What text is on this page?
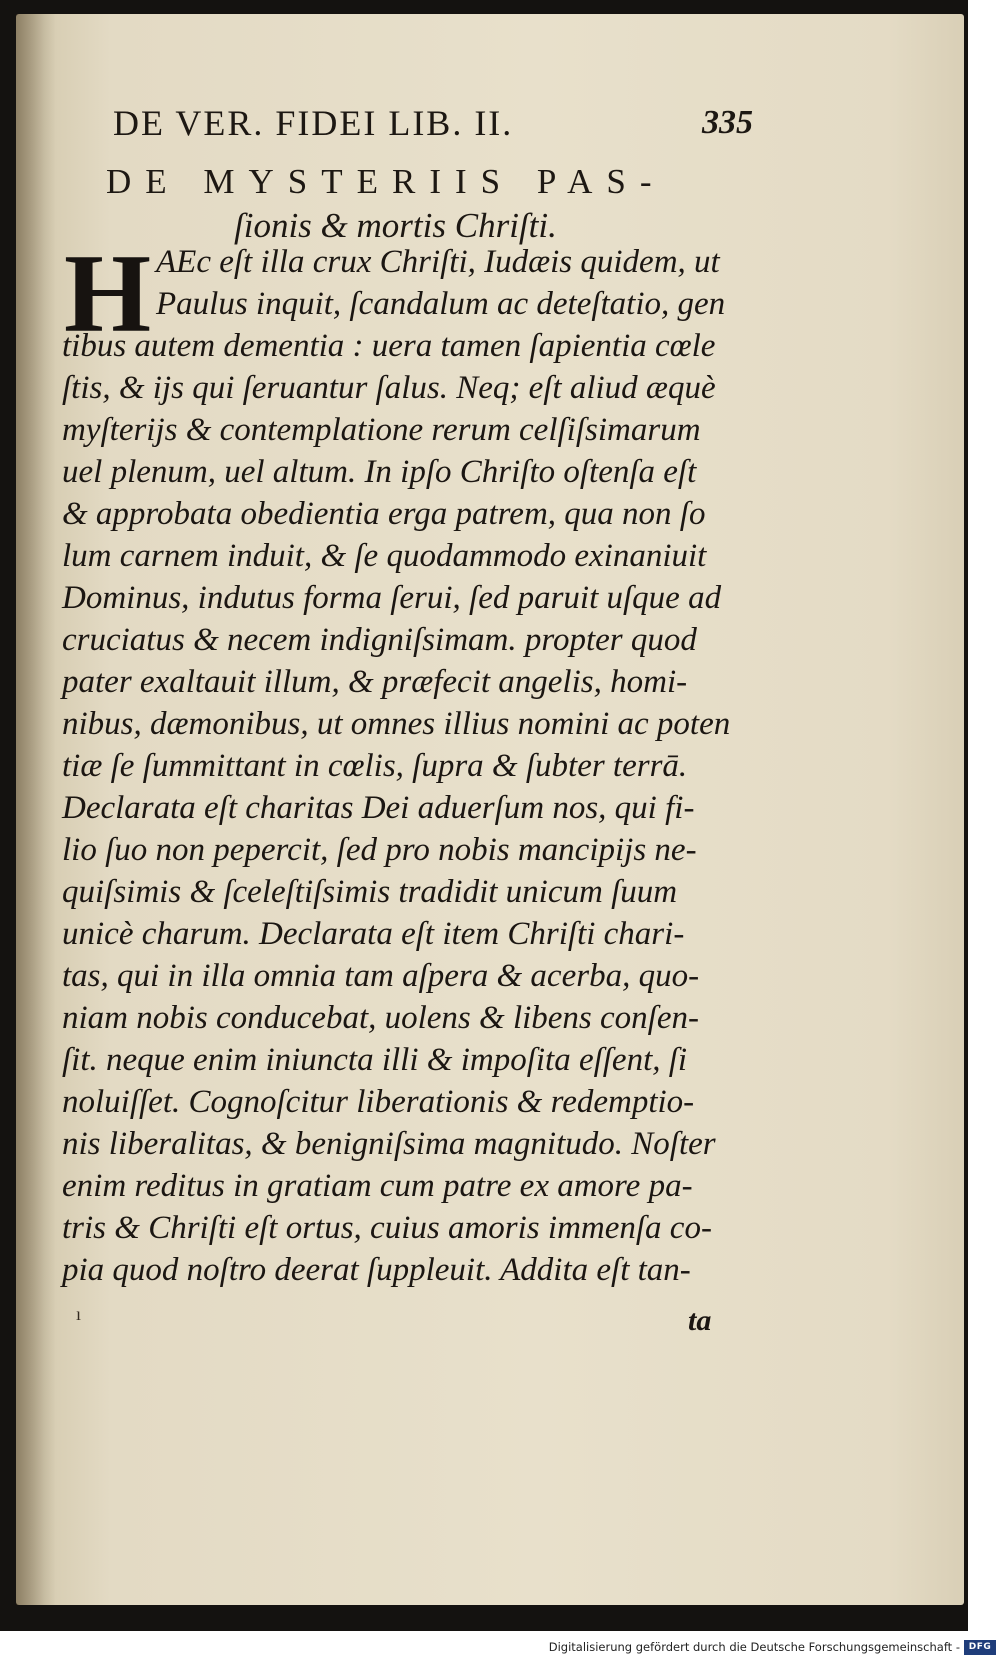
DE VER. FIDEI LIB. II.	335
DE MYSTERIIS PAS-
ſionis & mortis Chriſti.
H AEc eſt illa crux Chriſti, Iudæis quidem, ut
Paulus inquit, ſcandalum ac deteſtatio, gen
tibus autem dementia : uera tamen ſapientia cœle
ſtis, & ijs qui ſeruantur ſalus. Neq; eſt aliud æquè
myſterijs & contemplatione rerum celſiſsimarum
uel plenum, uel altum. In ipſo Chriſto oſtenſa eſt
& approbata obedientia erga patrem, qua non ſo
lum carnem induit, & ſe quodammodo exinaniuit
Dominus, indutus forma ſerui, ſed paruit uſque ad
cruciatus & necem indigniſsimam. propter quod
pater exaltauit illum, & præfecit angelis, homi-
nibus, dæmonibus, ut omnes illius nomini ac poten
tiæ ſe ſummittant in cœlis, ſupra & ſubter terrā.
Declarata eſt charitas Dei aduerſum nos, qui fi-
lio ſuo non pepercit, ſed pro nobis mancipijs ne-
quiſsimis & ſceleſtiſsimis tradidit unicum ſuum
unicè charum. Declarata eſt item Chriſti chari-
tas, qui in illa omnia tam aſpera & acerba, quo-
niam nobis conducebat, uolens & libens conſen-
ſit. neque enim iniuncta illi & impoſita eſſent, ſi
noluiſſet. Cognoſcitur liberationis & redemptio-
nis liberalitas, & benigniſsima magnitudo. Noſter
enim reditus in gratiam cum patre ex amore pa-
tris & Chriſti eſt ortus, cuius amoris immenſa co-
pia quod noſtro deerat ſuppleuit. Addita eſt tan-
ı	ta
Digitalisierung gefördert durch die Deutsche Forschungsgemeinschaft - DFG
